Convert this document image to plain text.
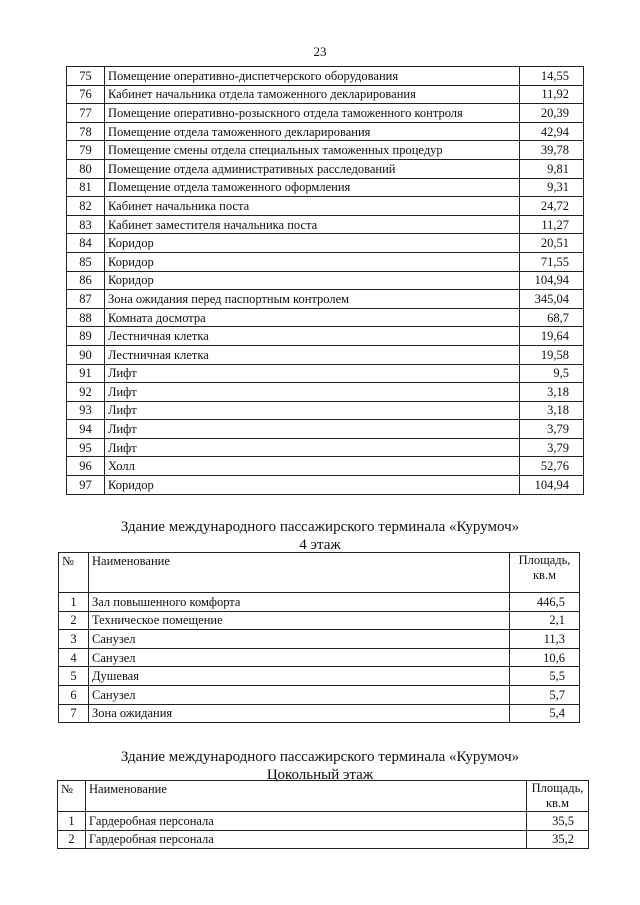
23
75	Помещение оперативно-диспетчерского оборудования	14,55
76	Кабинет начальника отдела таможенного декларирования	11,92
77	Помещение оперативно-розыскного отдела таможенного контроля	20,39
78	Помещение отдела таможенного декларирования	42,94
79	Помещение смены отдела специальных таможенных процедур	39,78
80	Помещение отдела административных расследований	9,81
81	Помещение отдела таможенного оформления	9,31
82	Кабинет начальника поста	24,72
83	Кабинет заместителя начальника поста	11,27
84	Коридор	20,51
85	Коридор	71,55
86	Коридор	104,94
87	Зона ожидания перед паспортным контролем	345,04
88	Комната досмотра	68,7
89	Лестничная клетка	19,64
90	Лестничная клетка	19,58
91	Лифт	9,5
92	Лифт	3,18
93	Лифт	3,18
94	Лифт	3,79
95	Лифт	3,79
96	Холл	52,76
97	Коридор	104,94
Здание международного пассажирского терминала «Курумоч»
4 этаж
№	Наименование	Площадь, кв.м
1	Зал повышенного комфорта	446,5
2	Техническое помещение	2,1
3	Санузел	11,3
4	Санузел	10,6
5	Душевая	5,5
6	Санузел	5,7
7	Зона ожидания	5,4
Здание международного пассажирского терминала «Курумоч»
Цокольный этаж
№	Наименование	Площадь, кв.м
1	Гардеробная персонала	35,5
2	Гардеробная персонала	35,2
